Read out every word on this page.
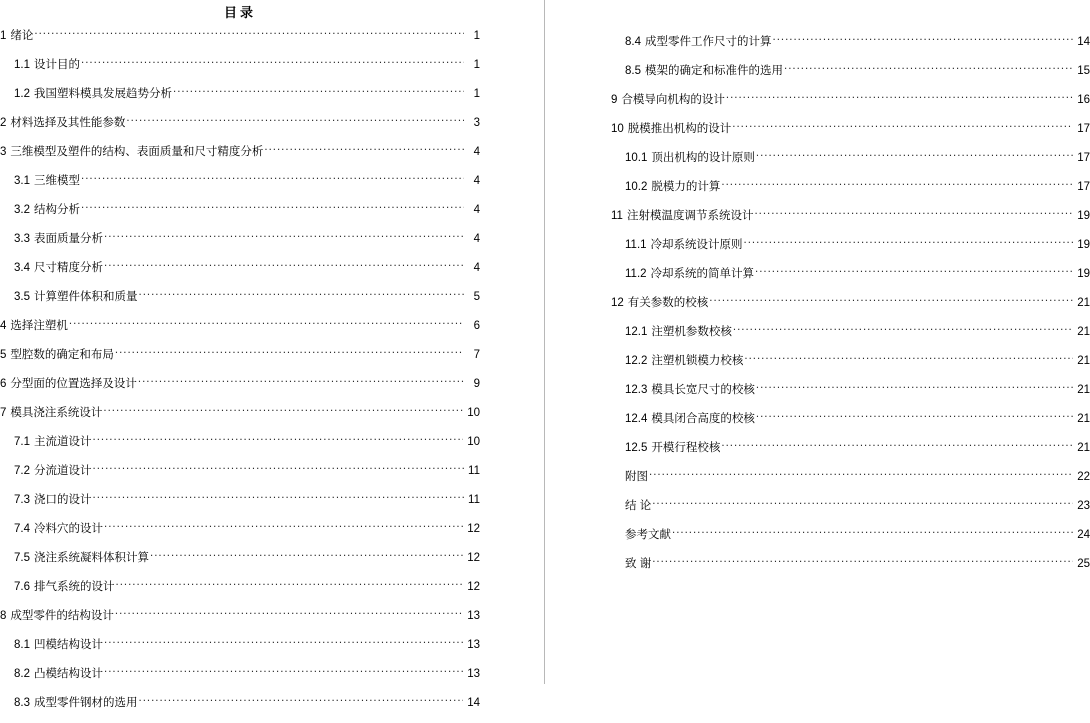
目录
1 绪论 .....	1
1.1 设计目的 .....	1
1.2 我国塑料模具发展趋势分析 .....	1
2 材料选择及其性能参数 .....	3
3 三维模型及塑件的结构、表面质量和尺寸精度分析 .....	4
3.1 三维模型 .....	4
3.2 结构分析 .....	4
3.3 表面质量分析 .....	4
3.4 尺寸精度分析 .....	4
3.5 计算塑件体积和质量 .....	5
4 选择注塑机 .....	6
5 型腔数的确定和布局 .....	7
6 分型面的位置选择及设计 .....	9
7 模具浇注系统设计 .....	10
7.1 主流道设计 .....	10
7.2 分流道设计 .....	11
7.3 浇口的设计 .....	11
7.4 冷料穴的设计 .....	12
7.5 浇注系统凝料体积计算 .....	12
7.6 排气系统的设计 .....	12
8 成型零件的结构设计 .....	13
8.1 凹模结构设计 .....	13
8.2 凸模结构设计 .....	13
8.3 成型零件钢材的选用 .....	14
8.4 成型零件工作尺寸的计算 .....	14
8.5 模架的确定和标准件的选用 .....	15
9 合模导向机构的设计 .....	16
10 脱模推出机构的设计 .....	17
10.1 顶出机构的设计原则 .....	17
10.2 脱模力的计算 .....	17
11 注射模温度调节系统设计 .....	19
11.1 冷却系统设计原则 .....	19
11.2 冷却系统的简单计算 .....	19
12 有关参数的校核 .....	21
12.1 注塑机参数校核 .....	21
12.2 注塑机锁模力校核 .....	21
12.3 模具长宽尺寸的校核 .....	21
12.4 模具闭合高度的校核 .....	21
12.5 开模行程校核 .....	21
附图 .....	22
结 论 .....	23
参考文献 .....	24
致 谢 .....	25
